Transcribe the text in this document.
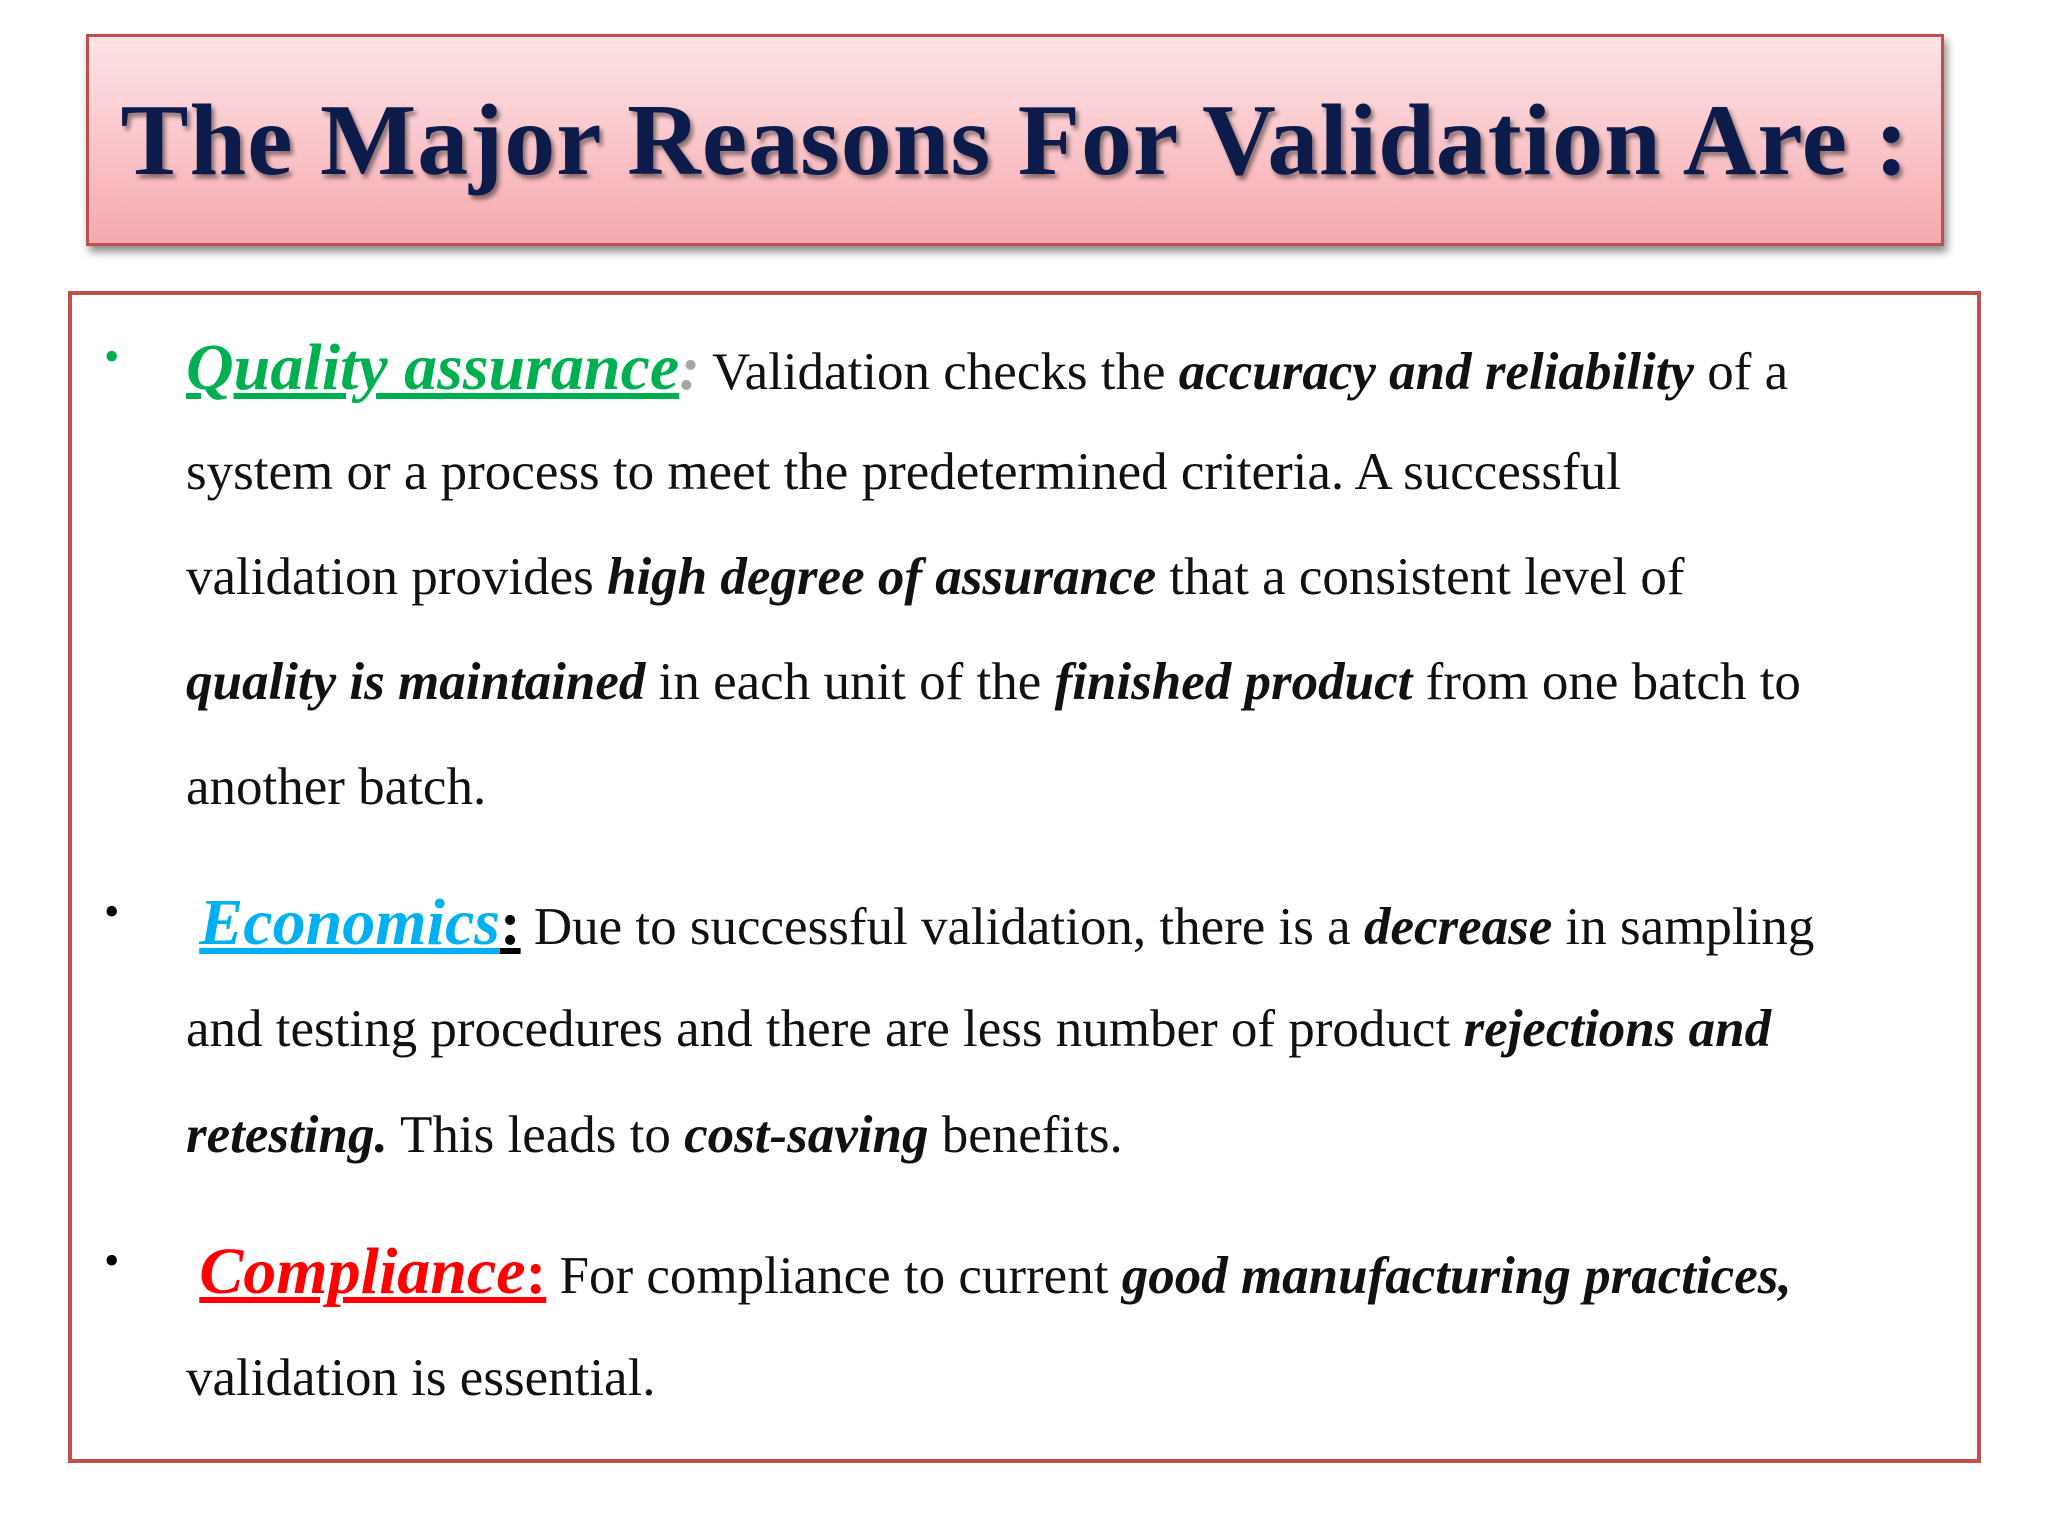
The Major Reasons For Validation Are :
• Quality assurance: Validation checks the accuracy and reliability of a
system or a process to meet the predetermined criteria. A successful
validation provides high degree of assurance that a consistent level of
quality is maintained in each unit of the finished product from one batch to
another batch.
• Economics: Due to successful validation, there is a decrease in sampling
and testing procedures and there are less number of product rejections and
retesting. This leads to cost-saving benefits.
• Compliance: For compliance to current good manufacturing practices,
validation is essential.
